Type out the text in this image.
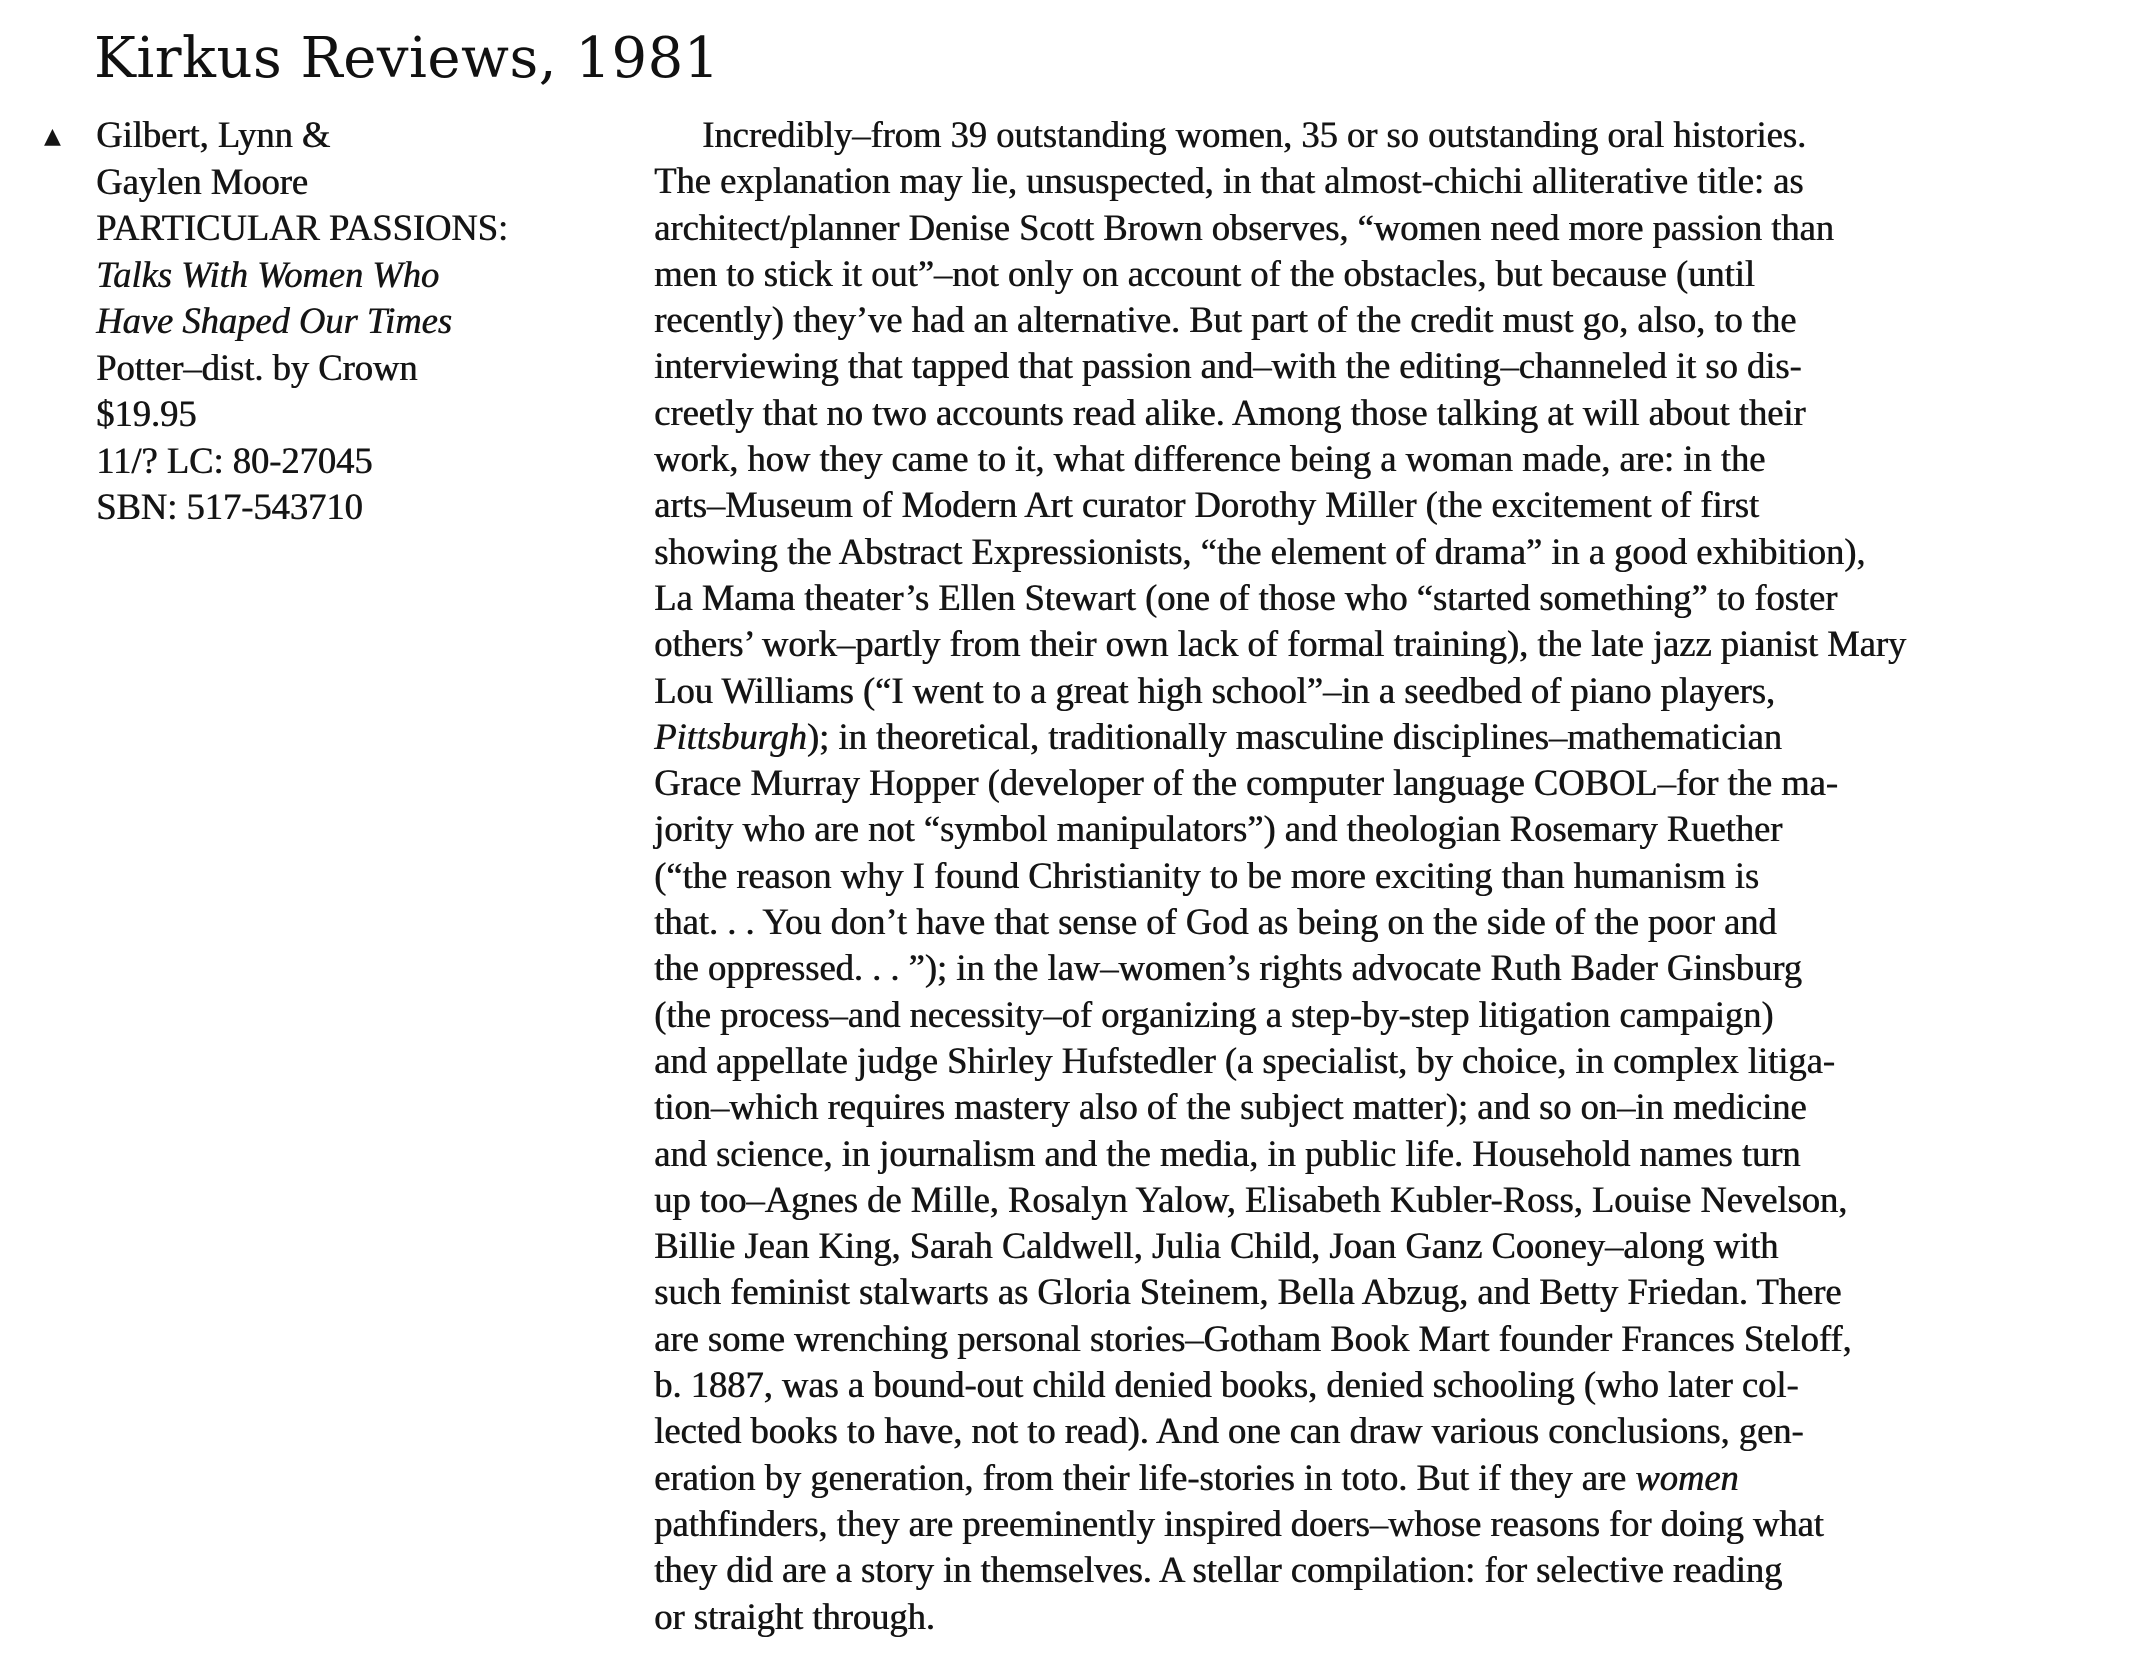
Kirkus Reviews, 1981
▲ Gilbert, Lynn &
Gaylen Moore
PARTICULAR PASSIONS:
Talks With Women Who
Have Shaped Our Times
Potter–dist. by Crown
$19.95
11/? LC: 80-27045
SBN: 517-543710
Incredibly–from 39 outstanding women, 35 or so outstanding oral histories.
The explanation may lie, unsuspected, in that almost-chichi alliterative title: as
architect/planner Denise Scott Brown observes, “women need more passion than
men to stick it out”–not only on account of the obstacles, but because (until
recently) they’ve had an alternative. But part of the credit must go, also, to the
interviewing that tapped that passion and–with the editing–channeled it so dis-
creetly that no two accounts read alike. Among those talking at will about their
work, how they came to it, what difference being a woman made, are: in the
arts–Museum of Modern Art curator Dorothy Miller (the excitement of first
showing the Abstract Expressionists, “the element of drama” in a good exhibition),
La Mama theater’s Ellen Stewart (one of those who “started something” to foster
others’ work–partly from their own lack of formal training), the late jazz pianist Mary
Lou Williams (“I went to a great high school”–in a seedbed of piano players,
Pittsburgh); in theoretical, traditionally masculine disciplines–mathematician
Grace Murray Hopper (developer of the computer language COBOL–for the ma-
jority who are not “symbol manipulators”) and theologian Rosemary Ruether
(“the reason why I found Christianity to be more exciting than humanism is
that. . . You don’t have that sense of God as being on the side of the poor and
the oppressed. . . ”); in the law–women’s rights advocate Ruth Bader Ginsburg
(the process–and necessity–of organizing a step-by-step litigation campaign)
and appellate judge Shirley Hufstedler (a specialist, by choice, in complex litiga-
tion–which requires mastery also of the subject matter); and so on–in medicine
and science, in journalism and the media, in public life. Household names turn
up too–Agnes de Mille, Rosalyn Yalow, Elisabeth Kubler-Ross, Louise Nevelson,
Billie Jean King, Sarah Caldwell, Julia Child, Joan Ganz Cooney–along with
such feminist stalwarts as Gloria Steinem, Bella Abzug, and Betty Friedan. There
are some wrenching personal stories–Gotham Book Mart founder Frances Steloff,
b. 1887, was a bound-out child denied books, denied schooling (who later col-
lected books to have, not to read). And one can draw various conclusions, gen-
eration by generation, from their life-stories in toto. But if they are women
pathfinders, they are preeminently inspired doers–whose reasons for doing what
they did are a story in themselves. A stellar compilation: for selective reading
or straight through.
